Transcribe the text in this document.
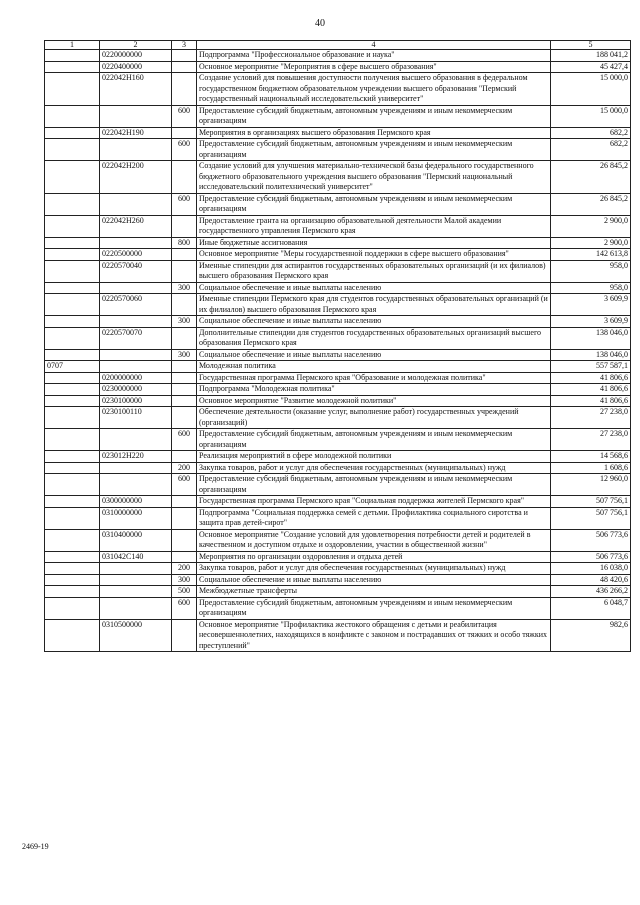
40
1	2	3	4	5
	0220000000		Подпрограмма "Профессиональное образование и наука"	188 041,2
	0220400000		Основное мероприятие "Мероприятия в сфере высшего образования"	45 427,4
	022042Н160		Создание условий для повышения доступности получения высшего образования в федеральном государственном бюджетном образовательном учреждении высшего образования "Пермский государственный национальный исследовательский университет"	15 000,0
		600	Предоставление субсидий бюджетным, автономным учреждениям и иным некоммерческим организациям	15 000,0
	022042Н190		Мероприятия в организациях высшего образования Пермского края	682,2
		600	Предоставление субсидий бюджетным, автономным учреждениям и иным некоммерческим организациям	682,2
	022042Н200		Создание условий для улучшения материально-технической базы федерального государственного бюджетного образовательного учреждения высшего образования "Пермский национальный исследовательский политехнический университет"	26 845,2
		600	Предоставление субсидий бюджетным, автономным учреждениям и иным некоммерческим организациям	26 845,2
	022042Н260		Предоставление гранта на организацию образовательной деятельности Малой академии государственного управления Пермского края	2 900,0
		800	Иные бюджетные ассигнования	2 900,0
	0220500000		Основное мероприятие "Меры государственной поддержки в сфере высшего образования"	142 613,8
	0220570040		Именные стипендии для аспирантов государственных образовательных организаций (и их филиалов) высшего образования Пермского края	958,0
		300	Социальное обеспечение и иные выплаты населению	958,0
	0220570060		Именные стипендии Пермского края для студентов государственных образовательных организаций (и их филиалов) высшего образования Пермского края	3 609,9
		300	Социальное обеспечение и иные выплаты населению	3 609,9
	0220570070		Дополнительные стипендии для студентов государственных образовательных организаций высшего образования Пермского края	138 046,0
		300	Социальное обеспечение и иные выплаты населению	138 046,0
0707			Молодежная политика	557 587,1
	0200000000		Государственная программа Пермского края "Образование и молодежная политика"	41 806,6
	0230000000		Подпрограмма "Молодежная политика"	41 806,6
	0230100000		Основное мероприятие "Развитие молодежной политики"	41 806,6
	0230100110		Обеспечение деятельности (оказание услуг, выполнение работ) государственных учреждений (организаций)	27 238,0
		600	Предоставление субсидий бюджетным, автономным учреждениям и иным некоммерческим организациям	27 238,0
	023012Н220		Реализация мероприятий в сфере молодежной политики	14 568,6
		200	Закупка товаров, работ и услуг для обеспечения государственных (муниципальных) нужд	1 608,6
		600	Предоставление субсидий бюджетным, автономным учреждениям и иным некоммерческим организациям	12 960,0
	0300000000		Государственная программа Пермского края "Социальная поддержка жителей Пермского края"	507 756,1
	0310000000		Подпрограмма "Социальная поддержка семей с детьми. Профилактика социального сиротства и защита прав детей-сирот"	507 756,1
	0310400000		Основное мероприятие "Создание условий для удовлетворения потребности детей и родителей в качественном и доступном отдыхе и оздоровлении, участии в общественной жизни"	506 773,6
	031042С140		Мероприятия по организации оздоровления и отдыха детей	506 773,6
		200	Закупка товаров, работ и услуг для обеспечения государственных (муниципальных) нужд	16 038,0
		300	Социальное обеспечение и иные выплаты населению	48 420,6
		500	Межбюджетные трансферты	436 266,2
		600	Предоставление субсидий бюджетным, автономным учреждениям и иным некоммерческим организациям	6 048,7
	0310500000		Основное мероприятие "Профилактика жестокого обращения с детьми и реабилитация несовершеннолетних, находящихся в конфликте с законом и пострадавших от тяжких и особо тяжких преступлений"	982,6
2469-19
